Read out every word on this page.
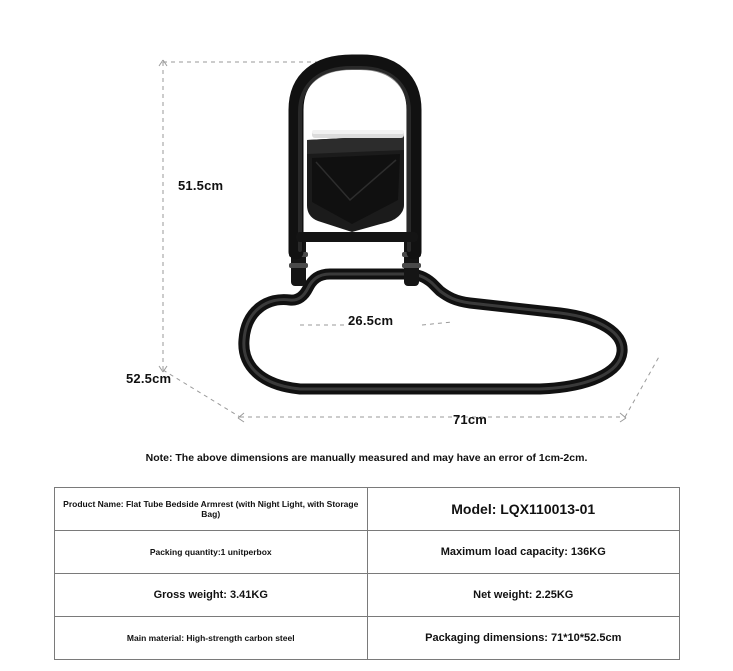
51.5cm
52.5cm
26.5cm
71cm
Note: The above dimensions are manually measured and may have an error of 1cm-2cm.
Product Name: Flat Tube Bedside Armrest (with Night Light, with Storage Bag)	Model: LQX110013-01
Packing quantity:1 unitperbox	Maximum load capacity: 136KG
Gross weight: 3.41KG	Net weight: 2.25KG
Main material: High-strength carbon steel	Packaging dimensions: 71*10*52.5cm
